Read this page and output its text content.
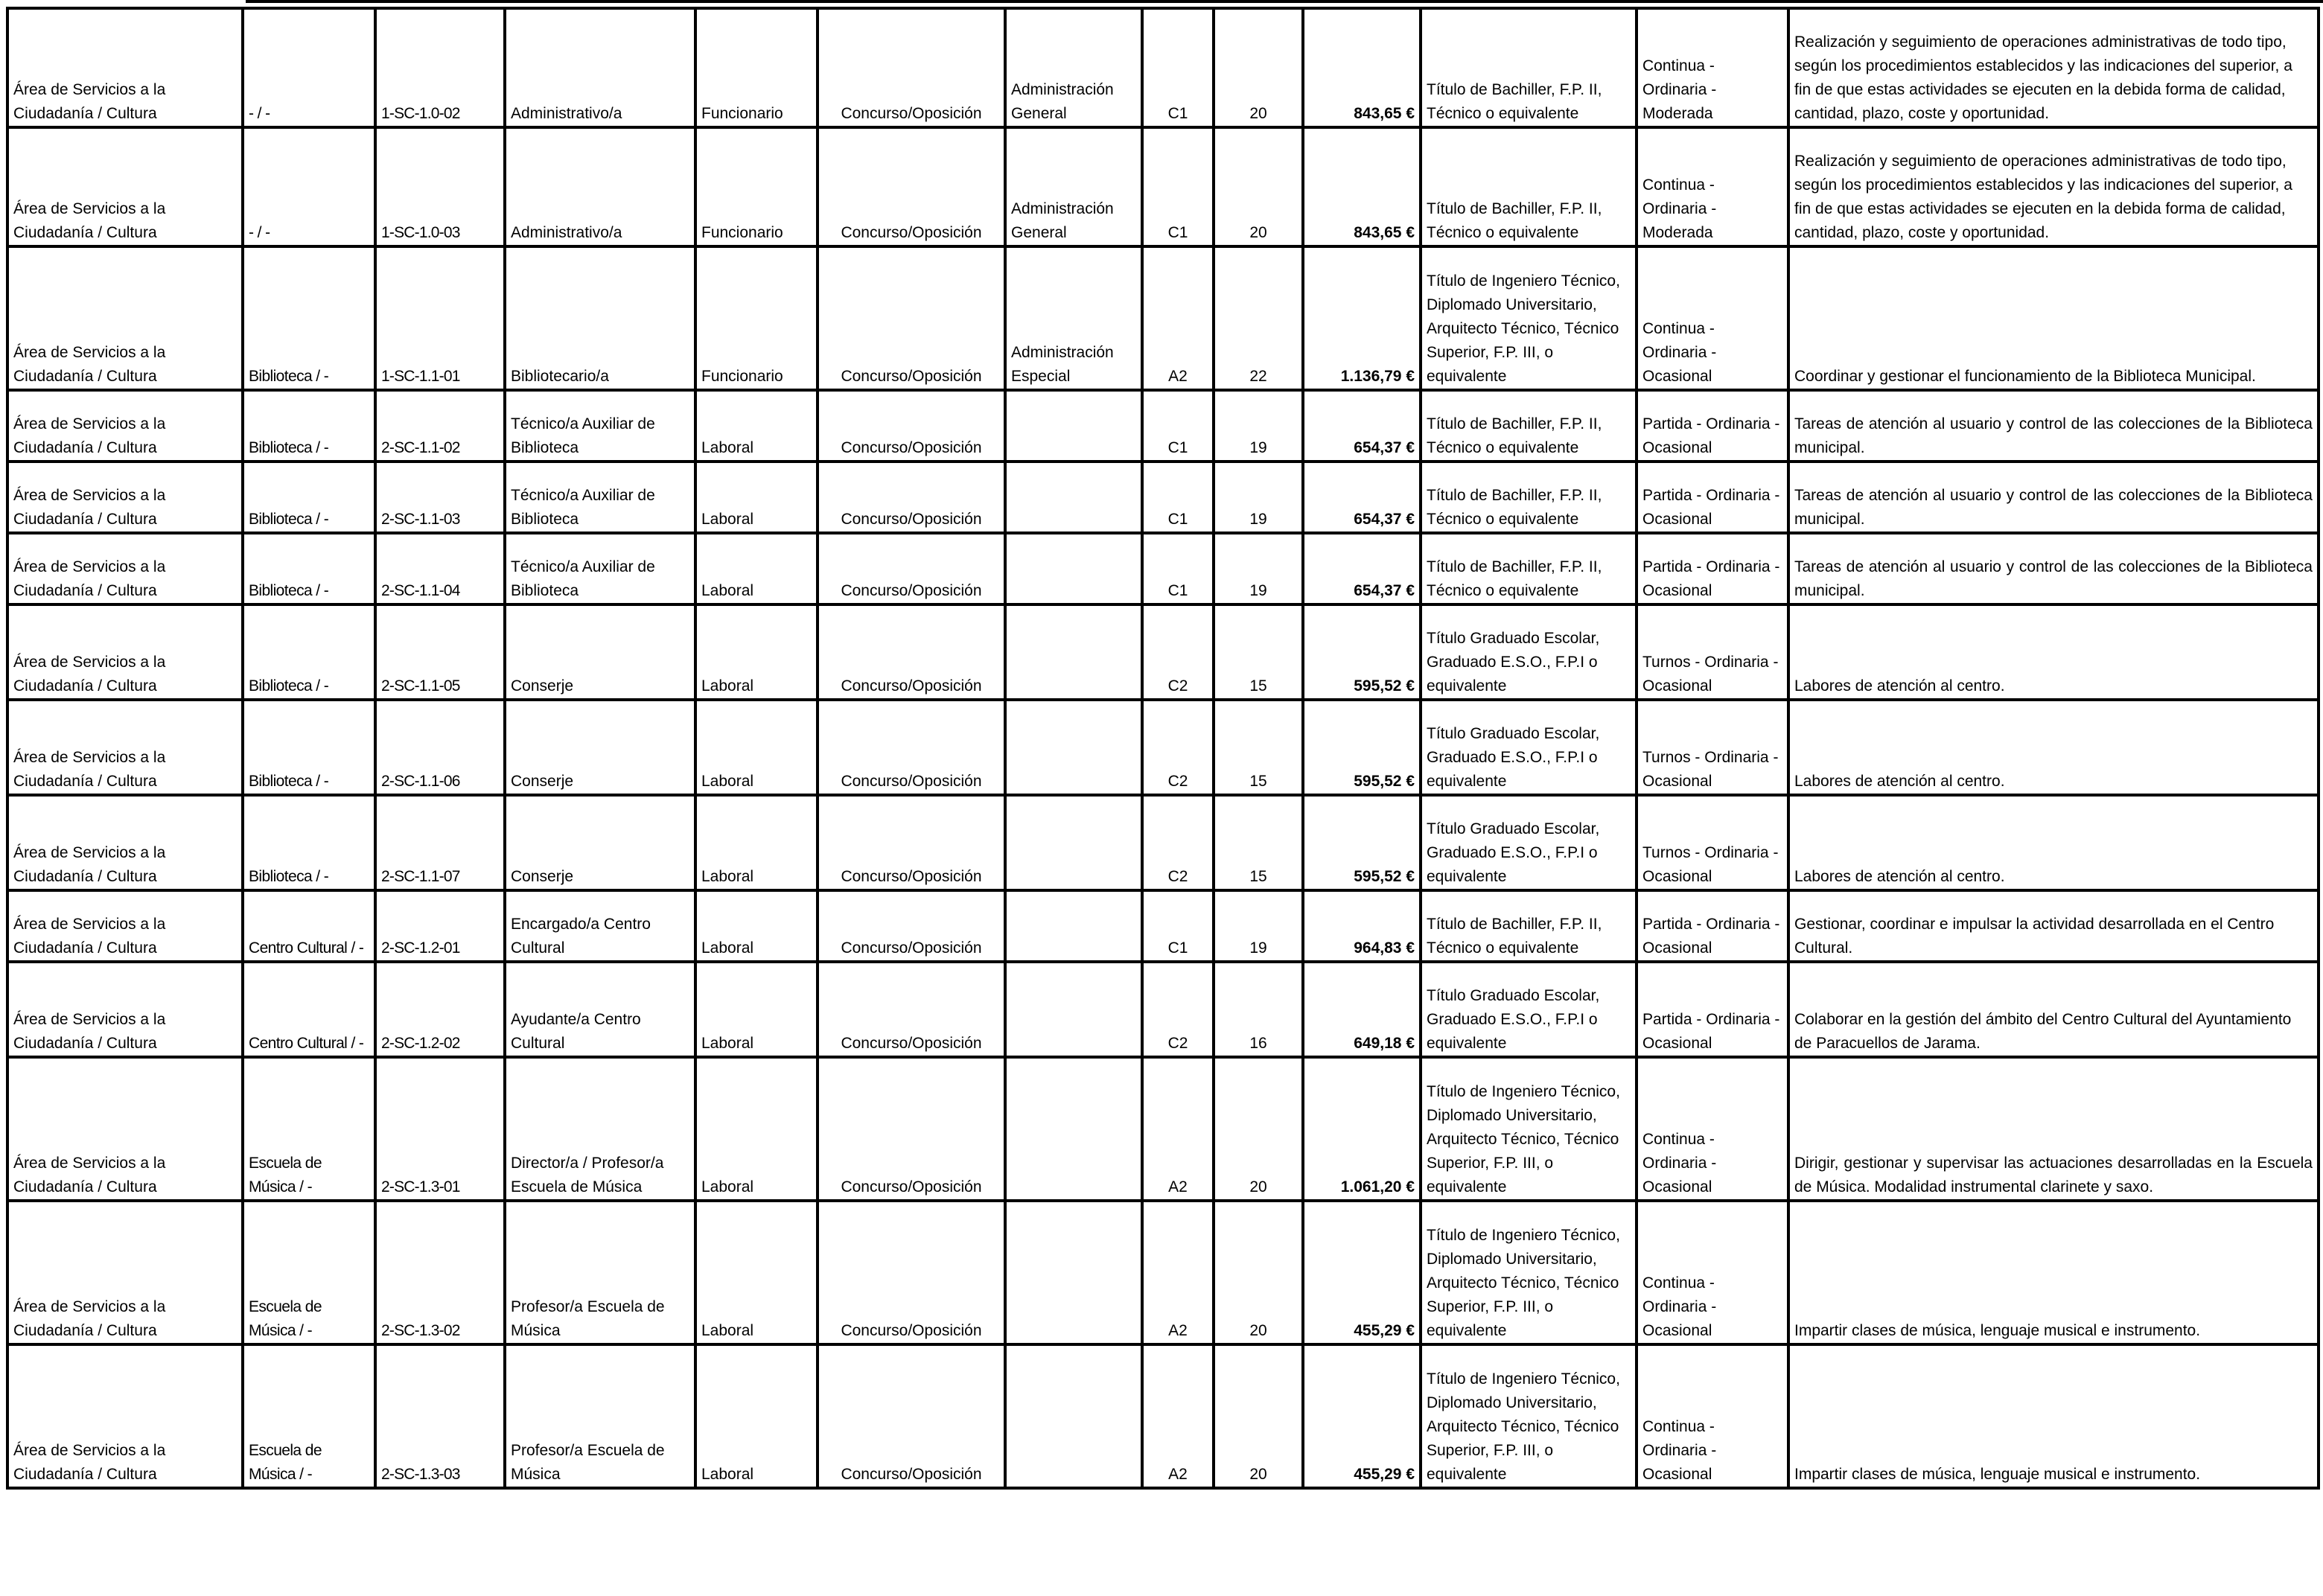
Área de Servicios a la Ciudadanía / Cultura	- / -	1-SC-1.0-02	Administrativo/a	Funcionario	Concurso/Oposición	Administración General	C1	20	843,65 €	Título de Bachiller, F.P. II, Técnico o equivalente	Continua - Ordinaria - Moderada	Realización y seguimiento de operaciones administrativas de todo tipo, según los procedimientos establecidos y las indicaciones del superior, a fin de que estas actividades se ejecuten en la debida forma de calidad, cantidad, plazo, coste y oportunidad.
Área de Servicios a la Ciudadanía / Cultura	- / -	1-SC-1.0-03	Administrativo/a	Funcionario	Concurso/Oposición	Administración General	C1	20	843,65 €	Título de Bachiller, F.P. II, Técnico o equivalente	Continua - Ordinaria - Moderada	Realización y seguimiento de operaciones administrativas de todo tipo, según los procedimientos establecidos y las indicaciones del superior, a fin de que estas actividades se ejecuten en la debida forma de calidad, cantidad, plazo, coste y oportunidad.
Área de Servicios a la Ciudadanía / Cultura	Biblioteca / -	1-SC-1.1-01	Bibliotecario/a	Funcionario	Concurso/Oposición	Administración Especial	A2	22	1.136,79 €	Título de Ingeniero Técnico, Diplomado Universitario, Arquitecto Técnico, Técnico Superior, F.P. III, o equivalente	Continua - Ordinaria - Ocasional	Coordinar y gestionar el funcionamiento de la Biblioteca Municipal.
Área de Servicios a la Ciudadanía / Cultura	Biblioteca / -	2-SC-1.1-02	Técnico/a Auxiliar de Biblioteca	Laboral	Concurso/Oposición		C1	19	654,37 €	Título de Bachiller, F.P. II, Técnico o equivalente	Partida - Ordinaria - Ocasional	Tareas de atención al usuario y control de las colecciones de la Biblioteca municipal.
Área de Servicios a la Ciudadanía / Cultura	Biblioteca / -	2-SC-1.1-03	Técnico/a Auxiliar de Biblioteca	Laboral	Concurso/Oposición		C1	19	654,37 €	Título de Bachiller, F.P. II, Técnico o equivalente	Partida - Ordinaria - Ocasional	Tareas de atención al usuario y control de las colecciones de la Biblioteca municipal.
Área de Servicios a la Ciudadanía / Cultura	Biblioteca / -	2-SC-1.1-04	Técnico/a Auxiliar de Biblioteca	Laboral	Concurso/Oposición		C1	19	654,37 €	Título de Bachiller, F.P. II, Técnico o equivalente	Partida - Ordinaria - Ocasional	Tareas de atención al usuario y control de las colecciones de la Biblioteca municipal.
Área de Servicios a la Ciudadanía / Cultura	Biblioteca / -	2-SC-1.1-05	Conserje	Laboral	Concurso/Oposición		C2	15	595,52 €	Título Graduado Escolar, Graduado E.S.O., F.P.I o equivalente	Turnos - Ordinaria - Ocasional	Labores de atención al centro.
Área de Servicios a la Ciudadanía / Cultura	Biblioteca / -	2-SC-1.1-06	Conserje	Laboral	Concurso/Oposición		C2	15	595,52 €	Título Graduado Escolar, Graduado E.S.O., F.P.I o equivalente	Turnos - Ordinaria - Ocasional	Labores de atención al centro.
Área de Servicios a la Ciudadanía / Cultura	Biblioteca / -	2-SC-1.1-07	Conserje	Laboral	Concurso/Oposición		C2	15	595,52 €	Título Graduado Escolar, Graduado E.S.O., F.P.I o equivalente	Turnos - Ordinaria - Ocasional	Labores de atención al centro.
Área de Servicios a la Ciudadanía / Cultura	Centro Cultural / -	2-SC-1.2-01	Encargado/a Centro Cultural	Laboral	Concurso/Oposición		C1	19	964,83 €	Título de Bachiller, F.P. II, Técnico o equivalente	Partida - Ordinaria - Ocasional	Gestionar, coordinar e impulsar la actividad desarrollada en el Centro Cultural.
Área de Servicios a la Ciudadanía / Cultura	Centro Cultural / -	2-SC-1.2-02	Ayudante/a Centro Cultural	Laboral	Concurso/Oposición		C2	16	649,18 €	Título Graduado Escolar, Graduado E.S.O., F.P.I o equivalente	Partida - Ordinaria - Ocasional	Colaborar en la gestión del ámbito del Centro Cultural del Ayuntamiento de Paracuellos de Jarama.
Área de Servicios a la Ciudadanía / Cultura	Escuela de Música / -	2-SC-1.3-01	Director/a / Profesor/a Escuela de Música	Laboral	Concurso/Oposición		A2	20	1.061,20 €	Título de Ingeniero Técnico, Diplomado Universitario, Arquitecto Técnico, Técnico Superior, F.P. III, o equivalente	Continua - Ordinaria - Ocasional	Dirigir, gestionar y supervisar las actuaciones desarrolladas en la Escuela de Música. Modalidad instrumental clarinete y saxo.
Área de Servicios a la Ciudadanía / Cultura	Escuela de Música / -	2-SC-1.3-02	Profesor/a Escuela de Música	Laboral	Concurso/Oposición		A2	20	455,29 €	Título de Ingeniero Técnico, Diplomado Universitario, Arquitecto Técnico, Técnico Superior, F.P. III, o equivalente	Continua - Ordinaria - Ocasional	Impartir clases de música, lenguaje musical e instrumento.
Área de Servicios a la Ciudadanía / Cultura	Escuela de Música / -	2-SC-1.3-03	Profesor/a Escuela de Música	Laboral	Concurso/Oposición		A2	20	455,29 €	Título de Ingeniero Técnico, Diplomado Universitario, Arquitecto Técnico, Técnico Superior, F.P. III, o equivalente	Continua - Ordinaria - Ocasional	Impartir clases de música, lenguaje musical e instrumento.
